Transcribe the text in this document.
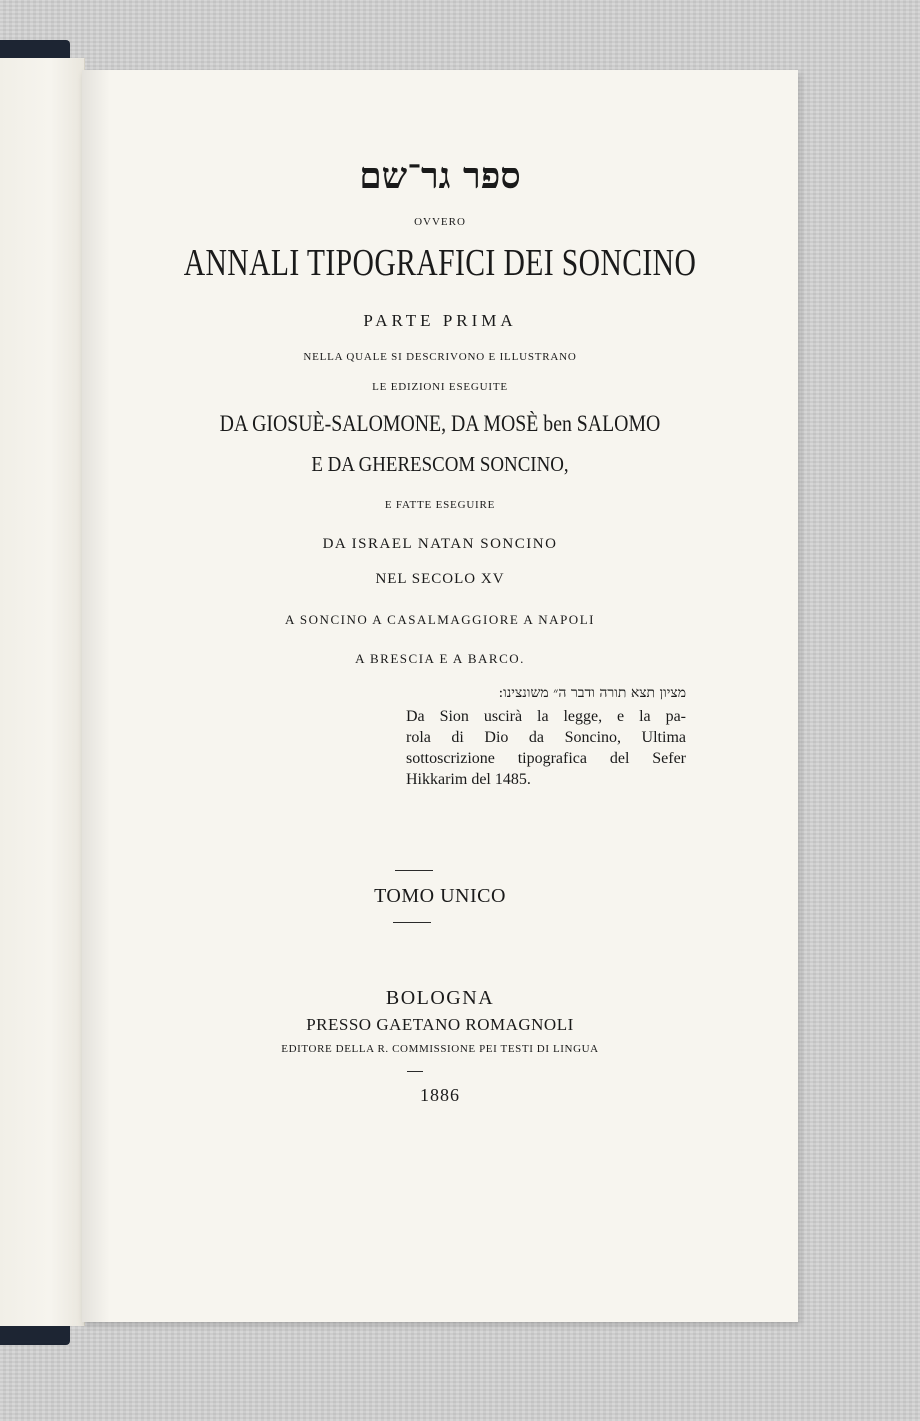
ספר גר־שם

OVVERO

ANNALI TIPOGRAFICI DEI SONCINO

PARTE PRIMA

NELLA QUALE SI DESCRIVONO E ILLUSTRANO

LE EDIZIONI ESEGUITE

DA GIOSUÈ-SALOMONE, DA MOSÈ ben SALOMO

E DA GHERESCOM SONCINO,

E FATTE ESEGUIRE

DA ISRAEL NATAN SONCINO

NEL SECOLO XV

A SONCINO A CASALMAGGIORE A NAPOLI

A BRESCIA E A BARCO.

מציון תצא תורה ודבר ה״ משונצינו:
Da Sion uscirà la legge, e la pa-
rola di Dio da Soncino, Ultima
sottoscrizione tipografica del Sefer
Hikkarim del 1485.

TOMO UNICO

BOLOGNA

PRESSO GAETANO ROMAGNOLI

EDITORE DELLA R. COMMISSIONE PEI TESTI DI LINGUA

1886
